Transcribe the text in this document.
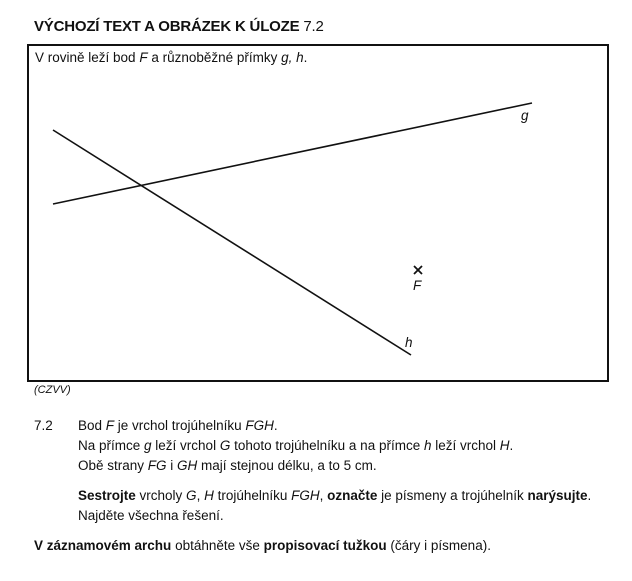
VÝCHOZÍ TEXT A OBRÁZEK K ÚLOZE 7.2
V rovině leží bod F a různoběžné přímky g, h.
g
h
F
(CZVV)
7.2 Bod F je vrchol trojúhelníku FGH.

Na přímce g leží vrchol G tohoto trojúhelníku a na přímce h leží vrchol H.

Obě strany FG i GH mají stejnou délku, a to 5 cm.

Sestrojte vrcholy G, H trojúhelníku FGH, označte je písmeny a trojúhelník narýsujte.

Najděte všechna řešení.

V záznamovém archu obtáhněte vše propisovací tužkou (čáry i písmena).
